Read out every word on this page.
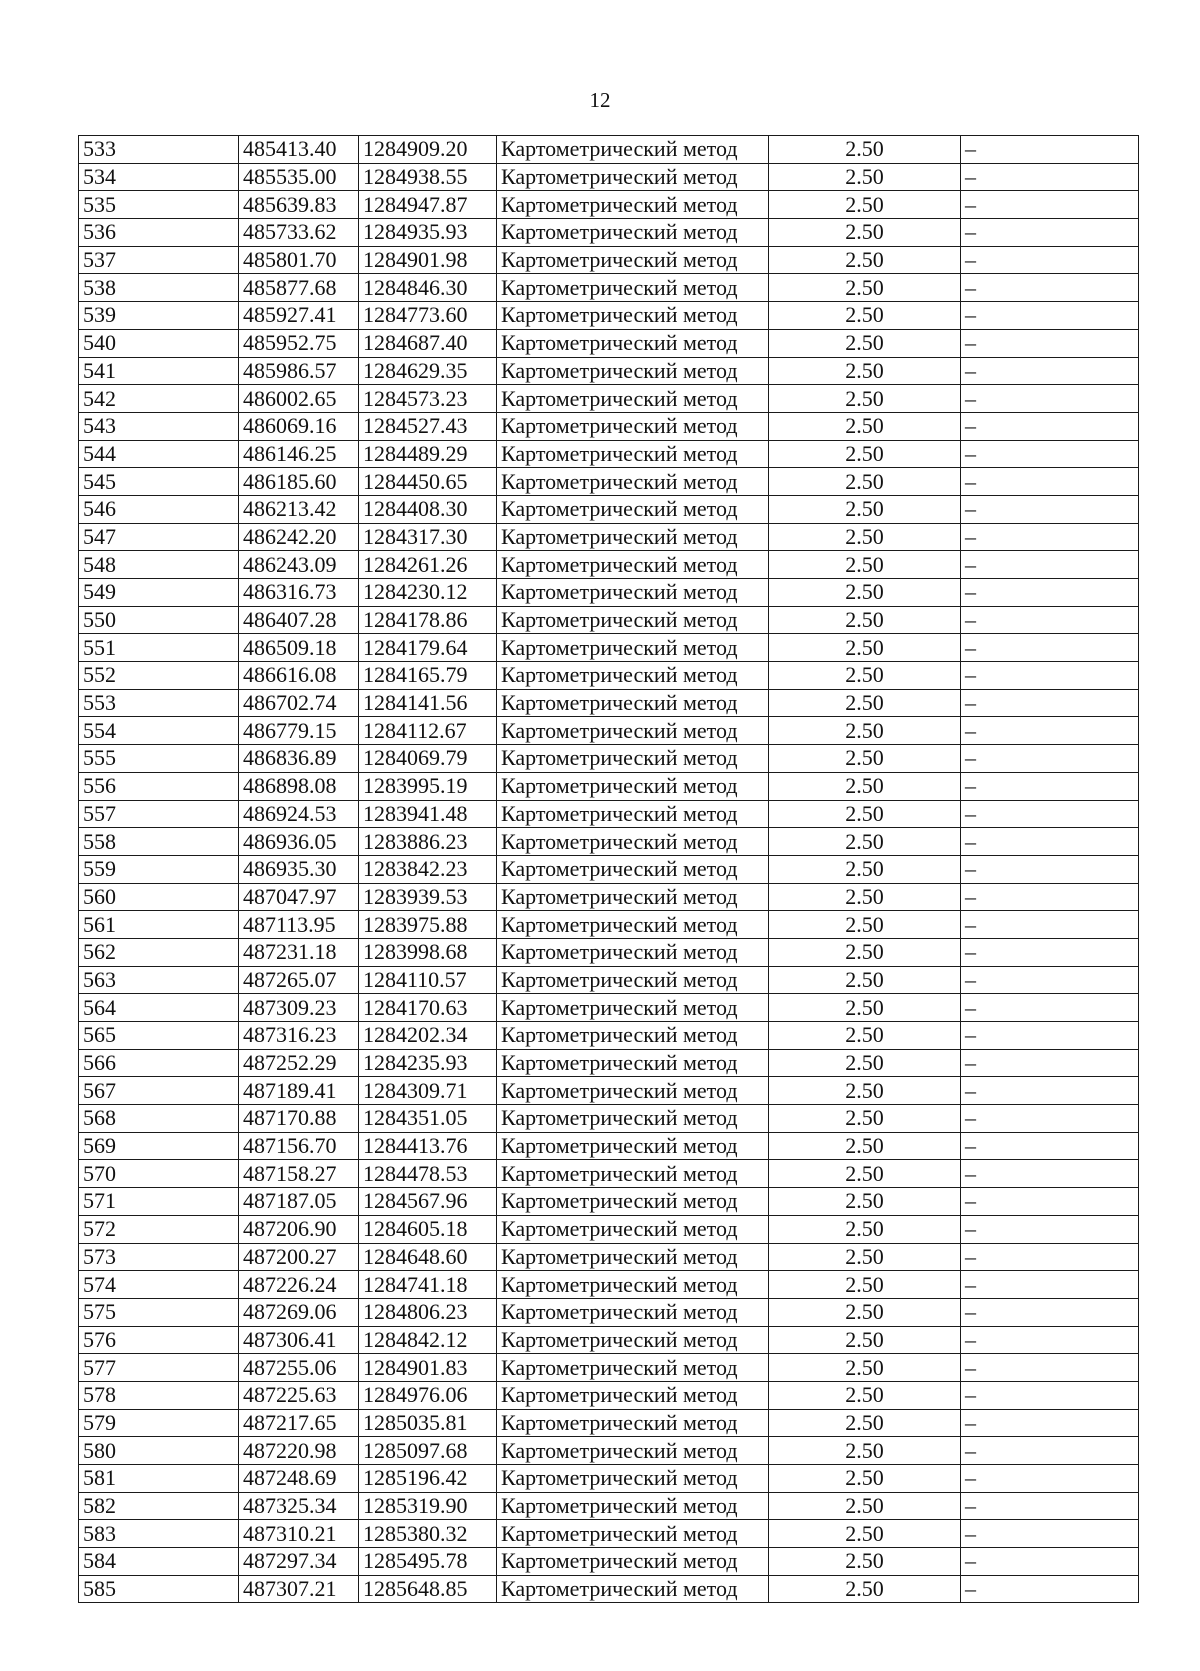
12
533	485413.40	1284909.20	Картометрический метод	2.50	–
534	485535.00	1284938.55	Картометрический метод	2.50	–
535	485639.83	1284947.87	Картометрический метод	2.50	–
536	485733.62	1284935.93	Картометрический метод	2.50	–
537	485801.70	1284901.98	Картометрический метод	2.50	–
538	485877.68	1284846.30	Картометрический метод	2.50	–
539	485927.41	1284773.60	Картометрический метод	2.50	–
540	485952.75	1284687.40	Картометрический метод	2.50	–
541	485986.57	1284629.35	Картометрический метод	2.50	–
542	486002.65	1284573.23	Картометрический метод	2.50	–
543	486069.16	1284527.43	Картометрический метод	2.50	–
544	486146.25	1284489.29	Картометрический метод	2.50	–
545	486185.60	1284450.65	Картометрический метод	2.50	–
546	486213.42	1284408.30	Картометрический метод	2.50	–
547	486242.20	1284317.30	Картометрический метод	2.50	–
548	486243.09	1284261.26	Картометрический метод	2.50	–
549	486316.73	1284230.12	Картометрический метод	2.50	–
550	486407.28	1284178.86	Картометрический метод	2.50	–
551	486509.18	1284179.64	Картометрический метод	2.50	–
552	486616.08	1284165.79	Картометрический метод	2.50	–
553	486702.74	1284141.56	Картометрический метод	2.50	–
554	486779.15	1284112.67	Картометрический метод	2.50	–
555	486836.89	1284069.79	Картометрический метод	2.50	–
556	486898.08	1283995.19	Картометрический метод	2.50	–
557	486924.53	1283941.48	Картометрический метод	2.50	–
558	486936.05	1283886.23	Картометрический метод	2.50	–
559	486935.30	1283842.23	Картометрический метод	2.50	–
560	487047.97	1283939.53	Картометрический метод	2.50	–
561	487113.95	1283975.88	Картометрический метод	2.50	–
562	487231.18	1283998.68	Картометрический метод	2.50	–
563	487265.07	1284110.57	Картометрический метод	2.50	–
564	487309.23	1284170.63	Картометрический метод	2.50	–
565	487316.23	1284202.34	Картометрический метод	2.50	–
566	487252.29	1284235.93	Картометрический метод	2.50	–
567	487189.41	1284309.71	Картометрический метод	2.50	–
568	487170.88	1284351.05	Картометрический метод	2.50	–
569	487156.70	1284413.76	Картометрический метод	2.50	–
570	487158.27	1284478.53	Картометрический метод	2.50	–
571	487187.05	1284567.96	Картометрический метод	2.50	–
572	487206.90	1284605.18	Картометрический метод	2.50	–
573	487200.27	1284648.60	Картометрический метод	2.50	–
574	487226.24	1284741.18	Картометрический метод	2.50	–
575	487269.06	1284806.23	Картометрический метод	2.50	–
576	487306.41	1284842.12	Картометрический метод	2.50	–
577	487255.06	1284901.83	Картометрический метод	2.50	–
578	487225.63	1284976.06	Картометрический метод	2.50	–
579	487217.65	1285035.81	Картометрический метод	2.50	–
580	487220.98	1285097.68	Картометрический метод	2.50	–
581	487248.69	1285196.42	Картометрический метод	2.50	–
582	487325.34	1285319.90	Картометрический метод	2.50	–
583	487310.21	1285380.32	Картометрический метод	2.50	–
584	487297.34	1285495.78	Картометрический метод	2.50	–
585	487307.21	1285648.85	Картометрический метод	2.50	–
